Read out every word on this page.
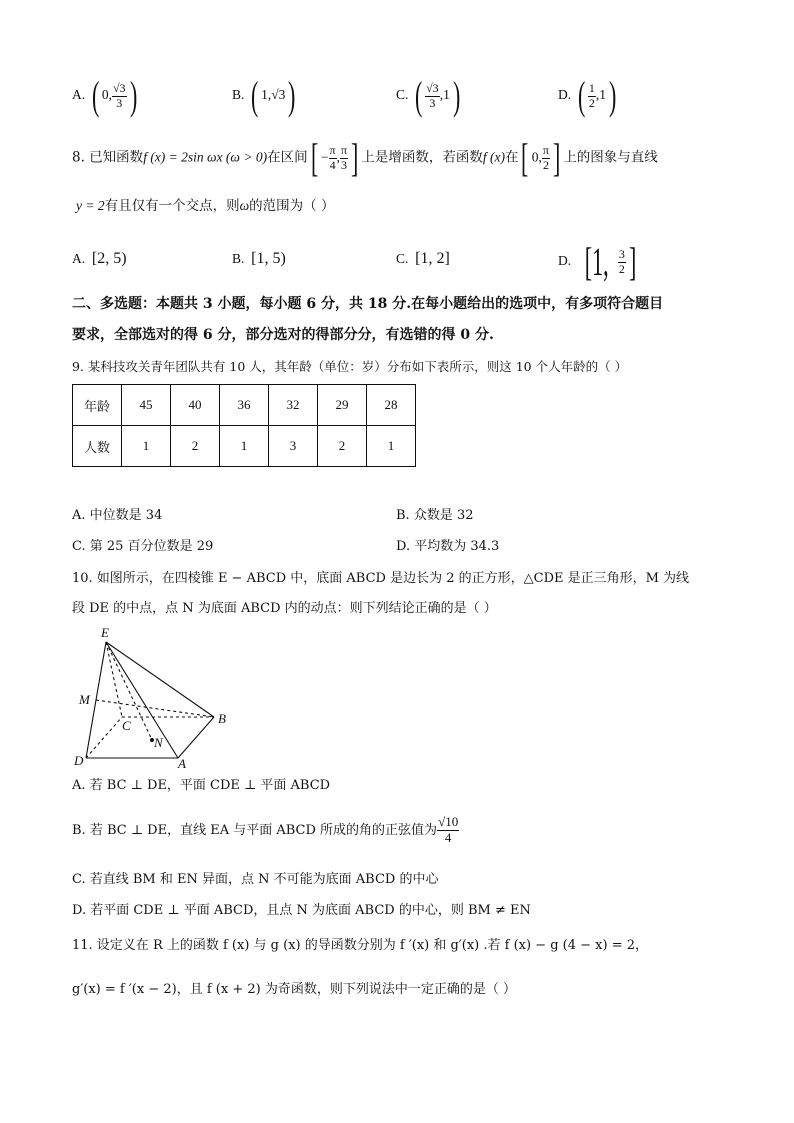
A. ( 0, $\frac{√3}{3}$ )	B. ( 1,√3)	C. ( $\frac{√3}{3} ,1$)	D. ( $\frac{1}{2} ,1$)
8. 已知函数f (x) = 2sin ωx (ω > 0)在区间[ − $\frac{\pi}{4}$ , $\frac{\pi}{3}$ ] 上是增函数，若函数f (x)在[ 0, $\frac{\pi}{2}$ ] 上的图象与直线
y = 2有且仅有一个交点，则ω的范围为（ ）
A. [2, 5)	B. [1, 5)	C. [1, 2]	D. [1, $\frac{3}{2}$ ]
二、多选题：本题共 3 小题，每小题 6 分，共 18 分.在每小题给出的选项中，有多项符合题目
要求，全部选对的得 6 分，部分选对的得部分分，有选错的得 0 分.
9. 某科技攻关青年团队共有 10 人，其年龄（单位：岁）分布如下表所示，则这 10 个人年龄的（ ）
年龄	45	40	36	32	29	28
人数	1	2	1	3	2	1
A. 中位数是 34	B. 众数是 32
C. 第 25 百分位数是 29	D. 平均数为 34.3
10. 如图所示，在四棱锥 E − ABCD 中，底面 ABCD 是边长为 2 的正方形，△CDE 是正三角形，M 为线
段 DE 的中点，点 N 为底面 ABCD 内的动点：则下列结论正确的是（ ）
E
M
C
N
B
D	A
A. 若 BC ⊥ DE，平面 CDE ⊥ 平面 ABCD
B. 若 BC ⊥ DE，直线 EA 与平面 ABCD 所成的角的正弦值为 $\frac{√10}{4}$
C. 若直线 BM 和 EN 异面，点 N 不可能为底面 ABCD 的中心
D. 若平面 CDE ⊥ 平面 ABCD，且点 N 为底面 ABCD 的中心，则 BM ≠ EN
11. 设定义在 R 上的函数 f (x) 与 g (x) 的导函数分别为 f ′(x) 和 g′(x) .若 f (x) − g (4 − x) = 2，
g′(x) = f ′(x − 2)，且 f (x + 2) 为奇函数，则下列说法中一定正确的是（ ）
